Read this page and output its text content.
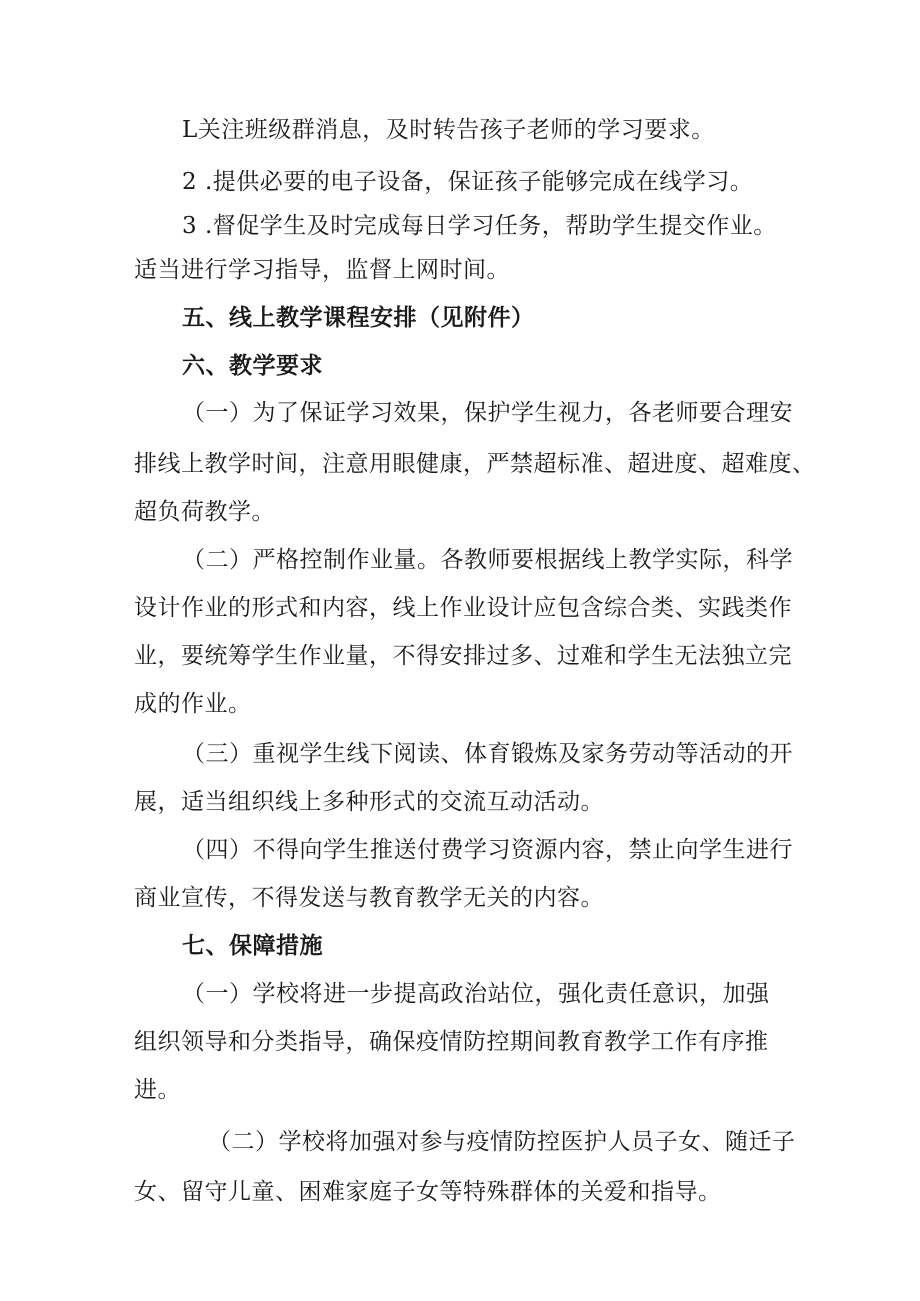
L关注班级群消息，及时转告孩子老师的学习要求。
2 .提供必要的电子设备，保证孩子能够完成在线学习。
3 .督促学生及时完成每日学习任务，帮助学生提交作业。
适当进行学习指导，监督上网时间。
五、线上教学课程安排（见附件）
六、教学要求
（一）为了保证学习效果，保护学生视力，各老师要合理安
排线上教学时间，注意用眼健康，严禁超标准、超进度、超难度、
超负荷教学。
（二）严格控制作业量。各教师要根据线上教学实际，科学
设计作业的形式和内容，线上作业设计应包含综合类、实践类作
业，要统筹学生作业量，不得安排过多、过难和学生无法独立完
成的作业。
（三）重视学生线下阅读、体育锻炼及家务劳动等活动的开
展，适当组织线上多种形式的交流互动活动。
（四）不得向学生推送付费学习资源内容，禁止向学生进行
商业宣传，不得发送与教育教学无关的内容。
七、保障措施
（一）学校将进一步提高政治站位，强化责任意识，加强
组织领导和分类指导，确保疫情防控期间教育教学工作有序推
进。
（二）学校将加强对参与疫情防控医护人员子女、随迁子
女、留守儿童、困难家庭子女等特殊群体的关爱和指导。
